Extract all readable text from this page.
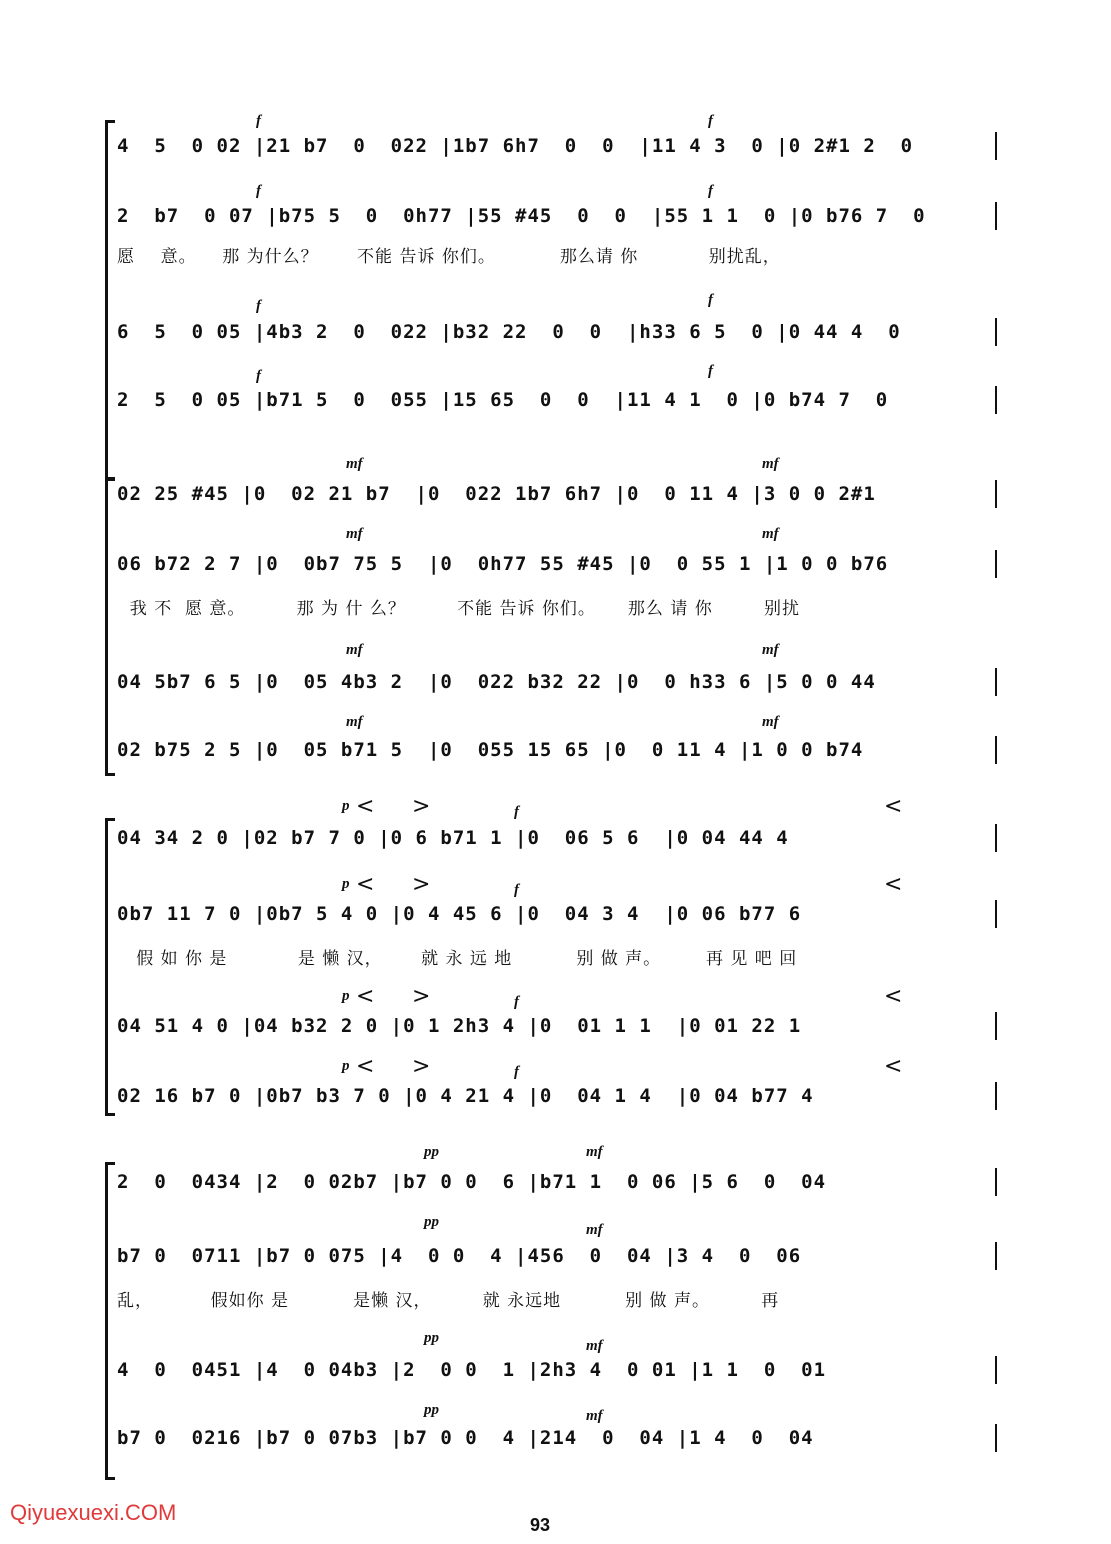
f	f
4  5  0 02 |21 b7  0  022 |1b7 6h7  0  0  |11 4 3  0 |0 2#1 2  0
f	f
2  b7  0 07 |b75 5  0  0h77 |55 #45  0  0  |55 1 1  0 |0 b76 7  0
愿    意。    那 为什么？      不能 告诉 你们。          那么请 你           别扰乱，
f	f
6  5  0 05 |4b3 2  0  022 |b32 22  0  0  |h33 6 5  0 |0 44 4  0
f	f
2  5  0 05 |b71 5  0  055 |15 65  0  0  |11 4 1  0 |0 b74 7  0
mf	mf
02 25 #45 |0  02 21 b7  |0  022 1b7 6h7 |0  0 11 4 |3 0 0 2#1
mf	mf
06 b72 2 7 |0  0b7 75 5  |0  0h77 55 #45 |0  0 55 1 |1 0 0 b76
我 不  愿 意。        那 为 什 么？        不能 告诉 你们。     那么 请 你        别扰
mf	mf
04 5b7 6 5 |0  05 4b3 2  |0  022 b32 22 |0  0 h33 6 |5 0 0 44
mf	mf
02 b75 2 5 |0  05 b71 5  |0  055 15 65 |0  0 11 4 |1 0 0 b74
p < >	f	<
04 34 2 0 |02 b7 7 0 |0 6 b71 1 |0  06 5 6  |0 04 44 4
p < >	f	<
0b7 11 7 0 |0b7 5 4 0 |0 4 45 6 |0  04 3 4  |0 06 b77 6
假 如 你 是           是 懒 汉，      就 永 远 地          别 做 声。       再 见 吧 回
p < >	f	<
04 51 4 0 |04 b32 2 0 |0 1 2h3 4 |0  01 1 1  |0 01 22 1
p < >	f	<
02 16 b7 0 |0b7 b3 7 0 |0 4 21 4 |0  04 1 4  |0 04 b77 4
pp	mf
2  0  0434 |2  0 02b7 |b7 0 0  6 |b71 1  0 06 |5 6  0  04
pp	mf
b7 0  0711 |b7 0 075 |4  0 0  4 |456  0  04 |3 4  0  06
乱，         假如你 是          是懒 汉，        就 永远地          别 做 声。        再
pp	mf
4  0  0451 |4  0 04b3 |2  0 0  1 |2h3 4  0 01 |1 1  0  01
pp	mf
b7 0  0216 |b7 0 07b3 |b7 0 0  4 |214  0  04 |1 4  0  04
93
Qiyuexuexi.COM
